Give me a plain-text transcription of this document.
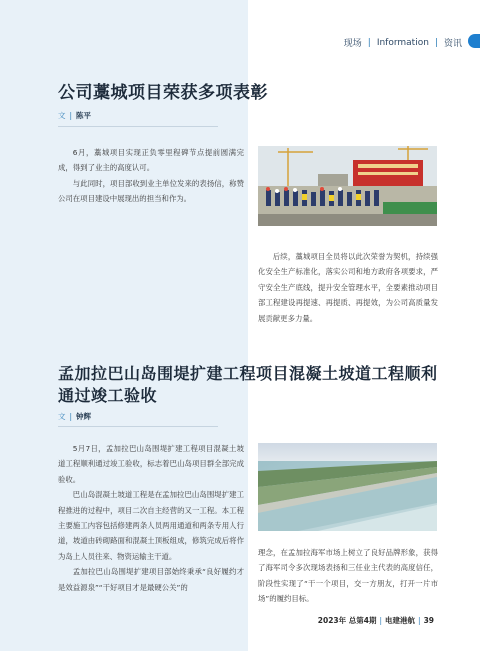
现场 | Information | 资讯
公司藁城项目荣获多项表彰
文 | 陈平

6月，藁城项目实现正负零里程碑节点提前圆满完成，得到了业主的高度认可。

与此同时，项目部收到业主单位发来的表扬信，称赞公司在项目建设中展现出的担当和作为。

后续，藁城项目全员将以此次荣誉为契机，持续强化安全生产标准化，落实公司和地方政府各项要求，严守安全生产底线，提升安全管理水平，全要素推动项目部工程建设再提速、再提质、再提效，为公司高质量发展贡献更多力量。

孟加拉巴山岛围堤扩建工程项目混凝土坡道工程顺利通过竣工验收
文 | 钟辉

5月7日，孟加拉巴山岛围堤扩建工程项目混凝土坡道工程顺利通过竣工验收，标志着巴山岛项目群全部完成验收。

巴山岛混凝土坡道工程是在孟加拉巴山岛围堤扩建工程推进的过程中，项目二次自主经营的又一工程。本工程主要施工内容包括修建两条人员两用通道和两条专用人行道，坡道由砖砌路面和混凝土顶板组成，修筑完成后将作为岛上人员往来、物资运输主干道。

孟加拉巴山岛围堤扩建项目部始终秉承“良好履约才是效益源泉”“干好项目才是最硬公关”的

理念，在孟加拉海军市场上树立了良好品牌形象，获得了海军司令多次现场表扬和三任业主代表的高度信任，阶段性实现了“干一个项目，交一方朋友，打开一片市场”的履约目标。

2023年 总第4期 | 电建港航 | 39
